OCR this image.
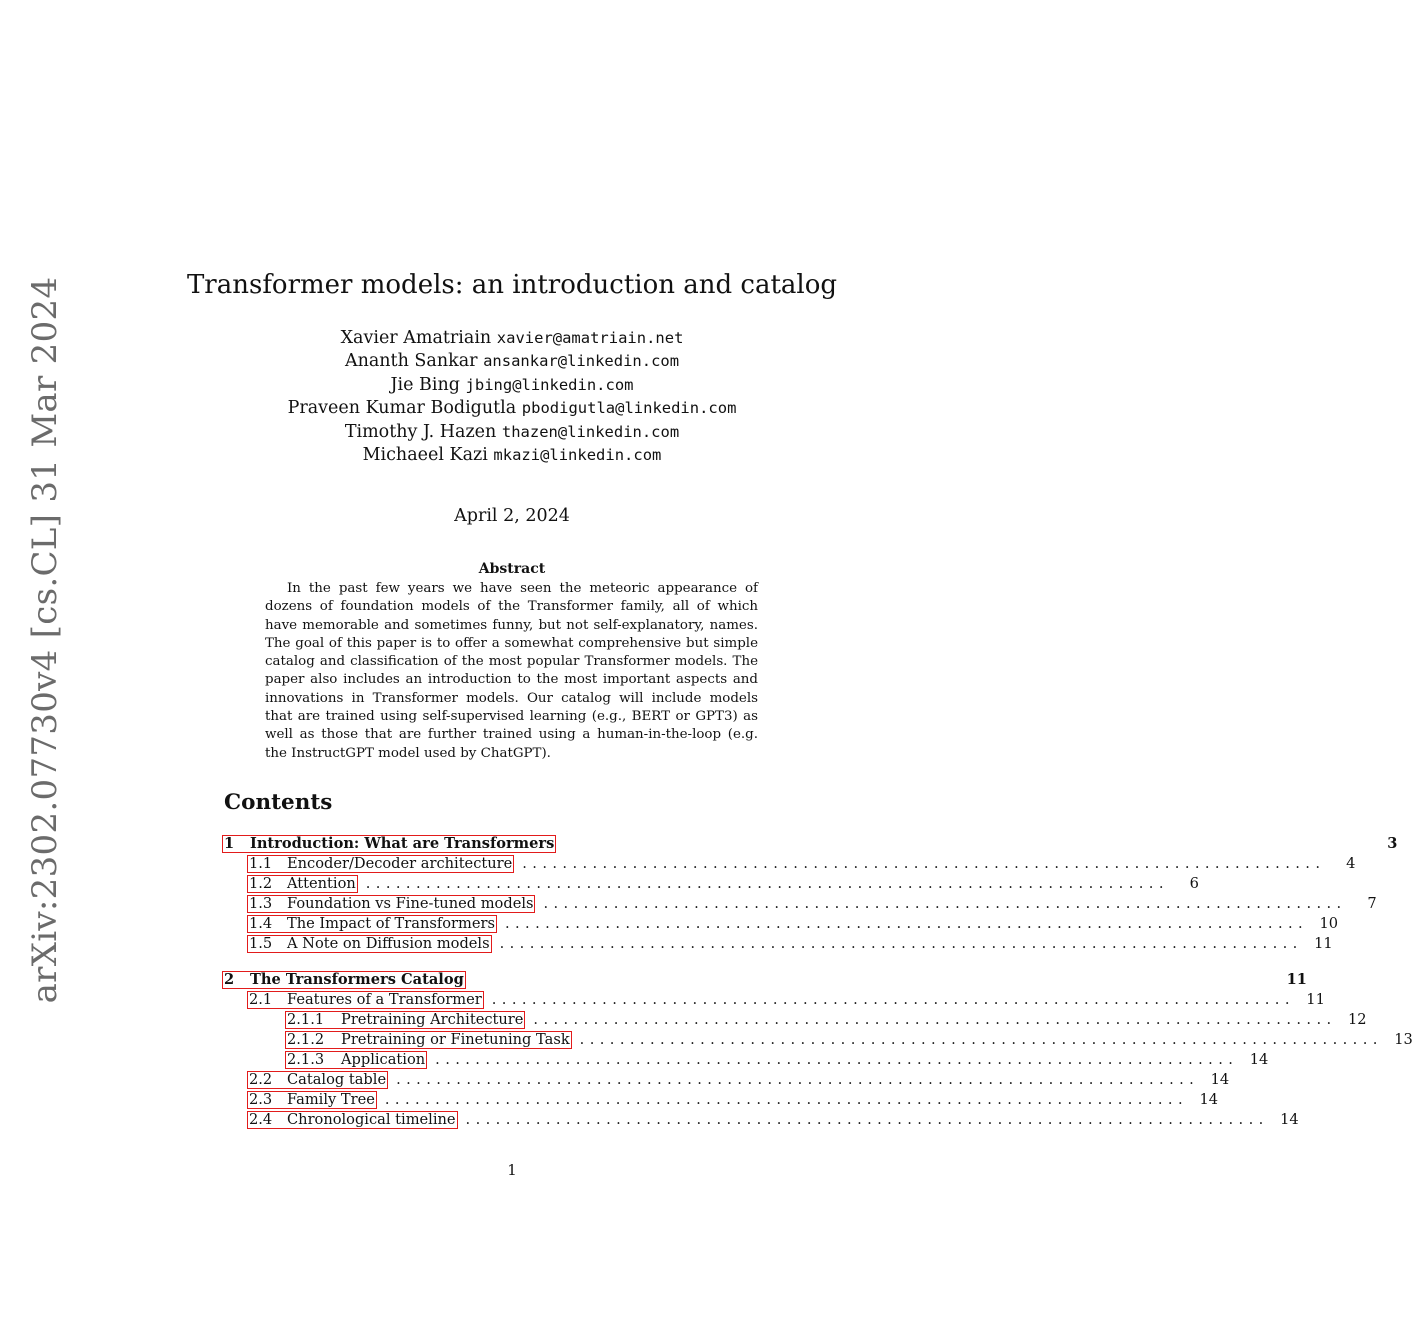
arXiv:2302.07730v4 [cs.CL] 31 Mar 2024	Transformer models: an introduction and catalog
Xavier Amatriain xavier@amatriain.net
Ananth Sankar ansankar@linkedin.com
Jie Bing jbing@linkedin.com
Praveen Kumar Bodigutla pbodigutla@linkedin.com
Timothy J. Hazen thazen@linkedin.com
Michaeel Kazi mkazi@linkedin.com
April 2, 2024
Abstract

In the past few years we have seen the meteoric appearance of dozens of foundation models of the Transformer family, all of which have memorable and sometimes funny, but not self-explanatory, names. The goal of this paper is to offer a somewhat comprehensive but simple catalog and classification of the most popular Transformer models. The paper also includes an introduction to the most important aspects and innovations in Transformer models. Our catalog will include models that are trained using self-supervised learning (e.g., BERT or GPT3) as well as those that are further trained using a human-in-the-loop (e.g. the InstructGPT model used by ChatGPT).

Contents
1	Introduction: What are Transformers	3
1.1	Encoder/Decoder architecture ................................................................................	4
1.2	Attention ................................................................................	6
1.3	Foundation vs Fine-tuned models ................................................................................	7
1.4	The Impact of Transformers ................................................................................ 10
1.5	A Note on Diffusion models ................................................................................ 11
2	The Transformers Catalog	11
2.1	Features of a Transformer ................................................................................ 11
2.1.1	Pretraining Architecture ................................................................................ 12
2.1.2	Pretraining or Finetuning Task ................................................................................ 13
2.1.3	Application ................................................................................ 14
2.2	Catalog table ................................................................................ 14
2.3	Family Tree ................................................................................ 14
2.4	Chronological timeline ................................................................................ 14
1
